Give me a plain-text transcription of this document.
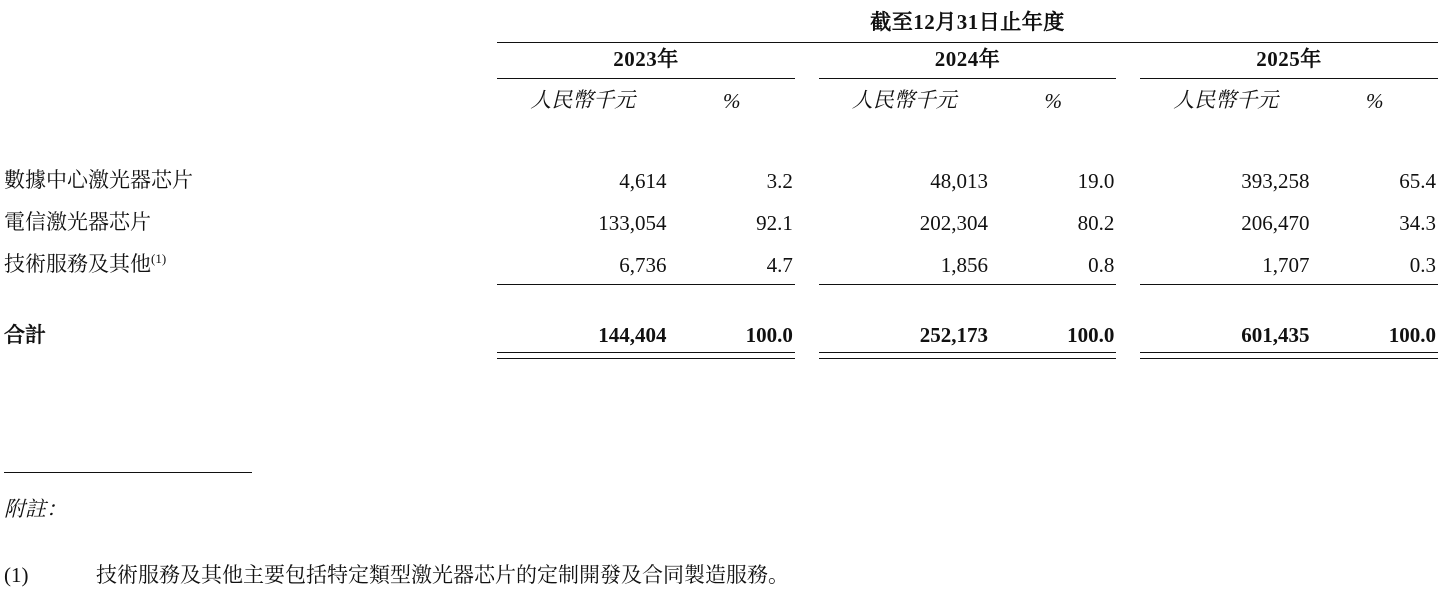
	截至12月31日止年度							
	2023年			2024年			2025年	
	人民幣千元	%		人民幣千元	%		人民幣千元	%

數據中心激光器芯片	4,614	3.2		48,013	19.0		393,258	65.4
電信激光器芯片	133,054	92.1		202,304	80.2		206,470	34.3
技術服務及其他$^{(1)}$	6,736	4.7		1,856	0.8		1,707	0.3

合計	144,404	100.0		252,173	100.0		601,435	100.0

附註：
(1)	技術服務及其他主要包括特定類型激光器芯片的定制開發及合同製造服務。
